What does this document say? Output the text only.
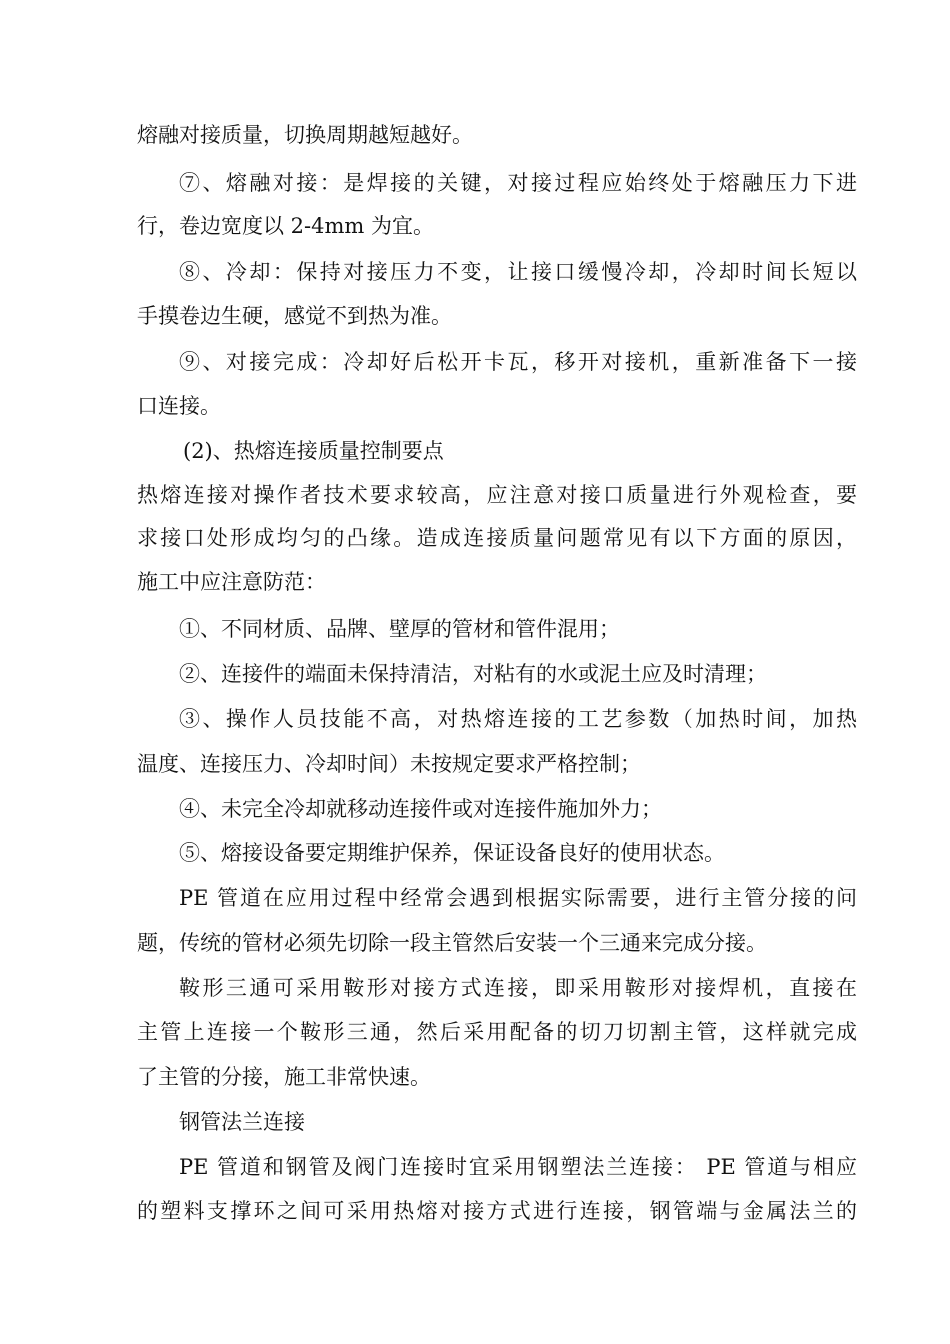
熔融对接质量，切换周期越短越好。
⑦、熔融对接：是焊接的关键，对接过程应始终处于熔融压力下进
行，卷边宽度以 2-4mm 为宜。
⑧、冷却：保持对接压力不变，让接口缓慢冷却，冷却时间长短以
手摸卷边生硬，感觉不到热为准。
⑨、对接完成：冷却好后松开卡瓦，移开对接机，重新准备下一接
口连接。
(2)、热熔连接质量控制要点
热熔连接对操作者技术要求较高，应注意对接口质量进行外观检查，要
求接口处形成均匀的凸缘。造成连接质量问题常见有以下方面的原因，
施工中应注意防范：
①、不同材质、品牌、壁厚的管材和管件混用；
②、连接件的端面未保持清洁，对粘有的水或泥土应及时清理；
③、操作人员技能不高，对热熔连接的工艺参数（加热时间，加热
温度、连接压力、冷却时间）未按规定要求严格控制；
④、未完全冷却就移动连接件或对连接件施加外力；
⑤、熔接设备要定期维护保养，保证设备良好的使用状态。
PE 管道在应用过程中经常会遇到根据实际需要，进行主管分接的问
题，传统的管材必须先切除一段主管然后安装一个三通来完成分接。
鞍形三通可采用鞍形对接方式连接，即采用鞍形对接焊机，直接在
主管上连接一个鞍形三通，然后采用配备的切刀切割主管，这样就完成
了主管的分接，施工非常快速。
钢管法兰连接
PE 管道和钢管及阀门连接时宜采用钢塑法兰连接： PE 管道与相应
的塑料支撑环之间可采用热熔对接方式进行连接，钢管端与金属法兰的
